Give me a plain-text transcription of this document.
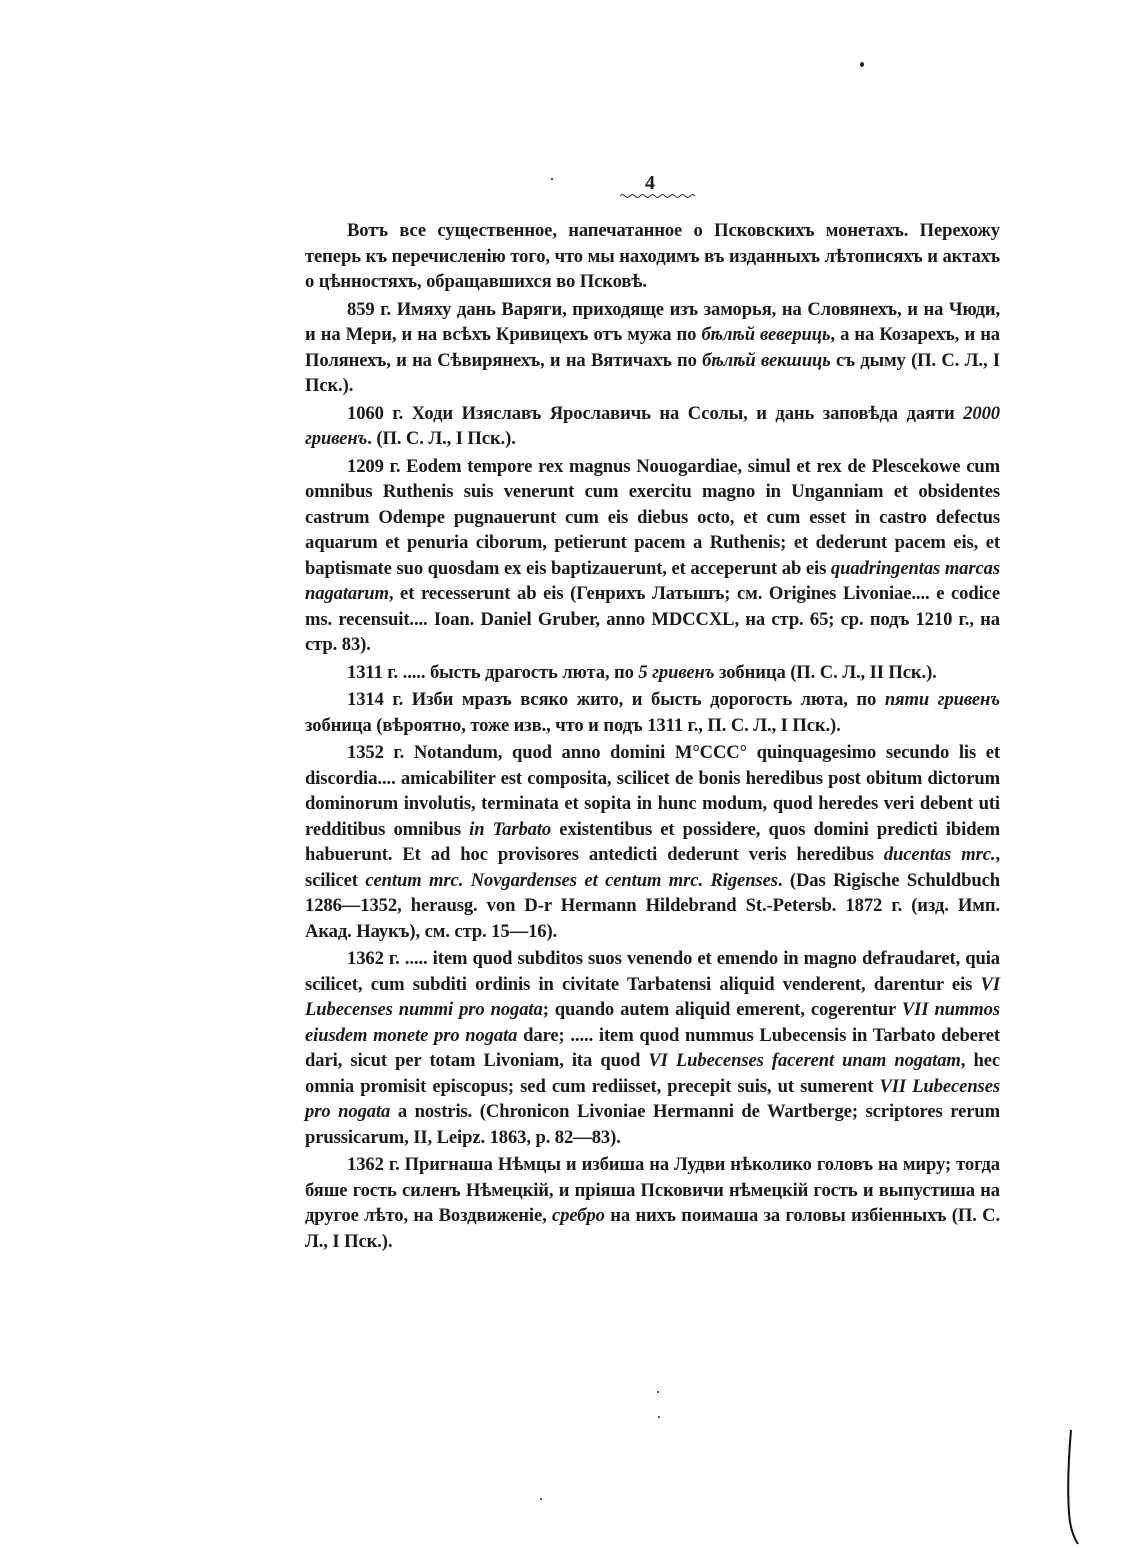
4

Вотъ все существенное, напечатанное о Псковскихъ монетахъ. Перехожу теперь къ перечисленію того, что мы находимъ въ изданныхъ лѣтописяхъ и актахъ о цѣнностяхъ, обращавшихся во Псковѣ.

859 г. Имяху дань Варяги, приходяще изъ заморья, на Словянехъ, и на Чюди, и на Мери, и на всѣхъ Кривицехъ отъ мужа по бѣлѣй вевериць, а на Козарехъ, и на Полянехъ, и на Сѣвирянехъ, и на Вятичахъ по бѣлѣй векшиць съ дыму (П. С. Л., I Пск.).

1060 г. Ходи Изяславъ Ярославичь на Ссолы, и дань заповѣда даяти 2000 гривенъ. (П. С. Л., I Пск.).

1209 г. Eodem tempore rex magnus Nouogardiae, simul et rex de Plescekowe cum omnibus Ruthenis suis venerunt cum exercitu magno in Unganniam et obsidentes castrum Odempe pugnauerunt cum eis diebus octo, et cum esset in castro defectus aquarum et penuria ciborum, petierunt pacem a Ruthenis; et dederunt pacem eis, et baptismate suo quosdam ex eis baptizauerunt, et acceperunt ab eis quadringentas marcas nagatarum, et recesserunt ab eis (Генрихъ Латышъ; см. Origines Livoniae.... e codice ms. recensuit.... Ioan. Daniel Gruber, anno MDCCXL, на стр. 65; ср. подъ 1210 г., на стр. 83).

1311 г. ..... бысть драгость люта, по 5 гривенъ зобница (П. С. Л., II Пск.).

1314 г. Изби мразъ всяко жито, и бысть дорогость люта, по пяти гривенъ зобница (вѣроятно, тоже изв., что и подъ 1311 г., П. С. Л., I Пск.).

1352 г. Notandum, quod anno domini M°CCC° quinquagesimo secundo lis et discordia.... amicabiliter est composita, scilicet de bonis heredibus post obitum dictorum dominorum involutis, terminata et sopita in hunc modum, quod heredes veri debent uti redditibus omnibus in Tarbato existentibus et possidere, quos domini predicti ibidem habuerunt. Et ad hoc provisores antedicti dederunt veris heredibus ducentas mrc., scilicet centum mrc. Novgardenses et centum mrc. Rigenses. (Das Rigische Schuldbuch 1286—1352, herausg. von D-r Hermann Hildebrand St.-Petersb. 1872 г. (изд. Имп. Акад. Наукъ), см. стр. 15—16).

1362 г. ..... item quod subditos suos venendo et emendo in magno defraudaret, quia scilicet, cum subditi ordinis in civitate Tarbatensi aliquid venderent, darentur eis VI Lubecenses nummi pro nogata; quando autem aliquid emerent, cogerentur VII nummos eiusdem monete pro nogata dare; ..... item quod nummus Lubecensis in Tarbato deberet dari, sicut per totam Livoniam, ita quod VI Lubecenses facerent unam nogatam, hec omnia promisit episcopus; sed cum rediisset, precepit suis, ut sumerent VII Lubecenses pro nogata a nostris. (Chronicon Livoniae Hermanni de Wartberge; scriptores rerum prussicarum, II, Leipz. 1863, p. 82—83).

1362 г. Пригнаша Нѣмцы и избиша на Лудви нѣколико головъ на миру; тогда бяше гость силенъ Нѣмецкій, и пріяша Псковичи нѣмецкій гость и выпустиша на другое лѣто, на Воздвиженіе, сребро на нихъ поимаша за головы избіенныхъ (П. С. Л., I Пск.).
